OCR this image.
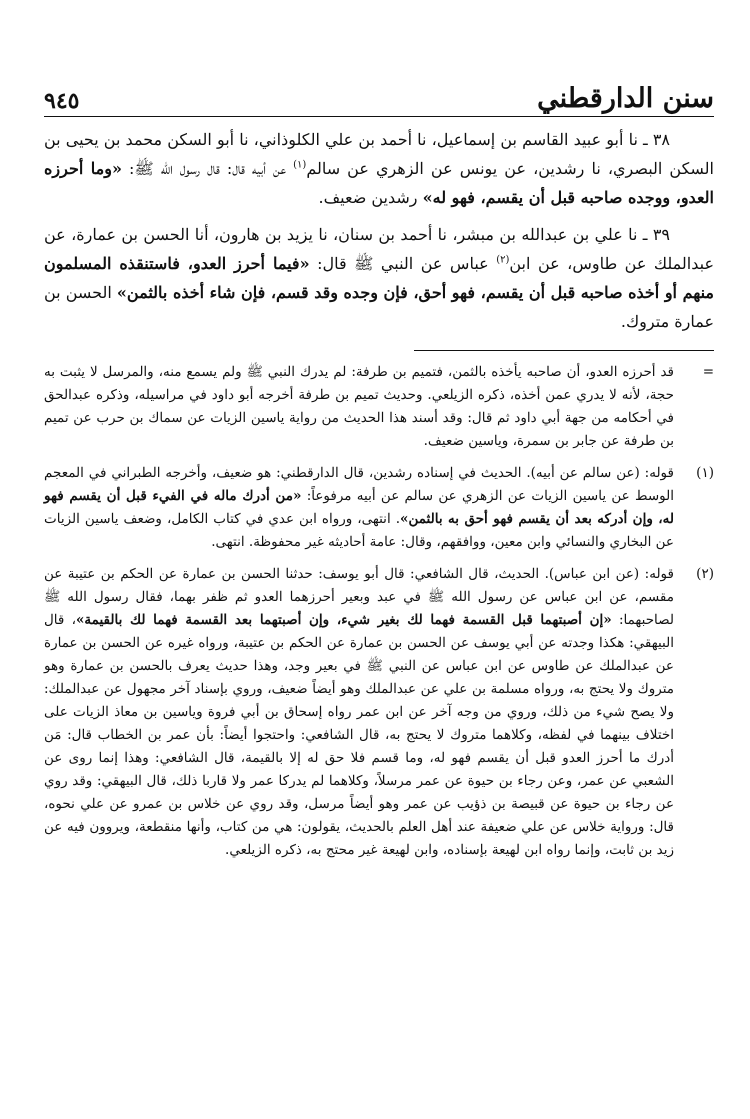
سنن الدارقطني
٩٤٥

٣٨ ـ نا أبو عبيد القاسم بن إسماعيل، نا أحمد بن علي الكلوذاني، نا أبو السكن محمد بن يحيى بن السكن البصري، نا رشدين، عن يونس عن الزهري عن سالم$^{(١)}$ عن أبيه قال: قال رسول الله ﷺ: «وما أحرزه العدو، ووجده صاحبه قبل أن يقسم، فهو له» رشدين ضعيف.

٣٩ ـ نا علي بن عبدالله بن مبشر، نا أحمد بن سنان، نا يزيد بن هارون، أنا الحسن بن عمارة، عن عبدالملك عن طاوس، عن ابن$^{(٢)}$ عباس عن النبي ﷺ قال: «فيما أحرز العدو، فاستنقذه المسلمون منهم أو أخذه صاحبه قبل أن يقسم، فهو أحق، فإن وجده وقد قسم، فإن شاء أخذه بالثمن» الحسن بن عمارة متروك.

=
قد أحرزه العدو، أن صاحبه يأخذه بالثمن، فتميم بن طرفة: لم يدرك النبي ﷺ ولم يسمع منه، والمرسل لا يثبت به حجة، لأنه لا يدري عمن أخذه، ذكره الزيلعي. وحديث تميم بن طرفة أخرجه أبو داود في مراسيله، وذكره عبدالحق في أحكامه من جهة أبي داود ثم قال: وقد أسند هذا الحديث من رواية ياسين الزيات عن سماك بن حرب عن تميم بن طرفة عن جابر بن سمرة، وياسين ضعيف.
(١)
قوله: (عن سالم عن أبيه). الحديث في إسناده رشدين، قال الدارقطني: هو ضعيف، وأخرجه الطبراني في المعجم الوسط عن ياسين الزيات عن الزهري عن سالم عن أبيه مرفوعاً: «من أدرك ماله في الفيء قبل أن يقسم فهو له، وإن أدركه بعد أن يقسم فهو أحق به بالثمن». انتهى، ورواه ابن عدي في كتاب الكامل، وضعف ياسين الزيات عن البخاري والنسائي وابن معين، ووافقهم، وقال: عامة أحاديثه غير محفوظة. انتهى.
(٢)
قوله: (عن ابن عباس). الحديث، قال الشافعي: قال أبو يوسف: حدثنا الحسن بن عمارة عن الحكم بن عتيبة عن مقسم، عن ابن عباس عن رسول الله ﷺ في عبد وبعير أحرزهما العدو ثم ظفر بهما، فقال رسول الله ﷺ لصاحبهما: «إن أصبتهما قبل القسمة فهما لك بغير شيء، وإن أصبتهما بعد القسمة فهما لك بالقيمة»، قال البيهقي: هكذا وجدته عن أبي يوسف عن الحسن بن عمارة عن الحكم بن عتيبة، ورواه غيره عن الحسن بن عمارة عن عبدالملك عن طاوس عن ابن عباس عن النبي ﷺ في بعير وجد، وهذا حديث يعرف بالحسن بن عمارة وهو متروك ولا يحتج به، ورواه مسلمة بن علي عن عبدالملك وهو أيضاً ضعيف، وروي بإسناد آخر مجهول عن عبدالملك: ولا يصح شيء من ذلك، وروي من وجه آخر عن ابن عمر رواه إسحاق بن أبي فروة وياسين بن معاذ الزيات على اختلاف بينهما في لفظه، وكلاهما متروك لا يحتج به، قال الشافعي: واحتجوا أيضاً: بأن عمر بن الخطاب قال: مَن أدرك ما أحرز العدو قبل أن يقسم فهو له، وما قسم فلا حق له إلا بالقيمة، قال الشافعي: وهذا إنما روى عن الشعبي عن عمر، وعن رجاء بن حيوة عن عمر مرسلاً، وكلاهما لم يدركا عمر ولا قاربا ذلك، قال البيهقي: وقد روي عن رجاء بن حيوة عن قبيصة بن ذؤيب عن عمر وهو أيضاً مرسل، وقد روي عن خلاس بن عمرو عن علي نحوه، قال: ورواية خلاس عن علي ضعيفة عند أهل العلم بالحديث، يقولون: هي من كتاب، وأنها منقطعة، ويروون فيه عن زيد بن ثابت، وإنما رواه ابن لهيعة بإسناده، وابن لهيعة غير محتج به، ذكره الزيلعي.
